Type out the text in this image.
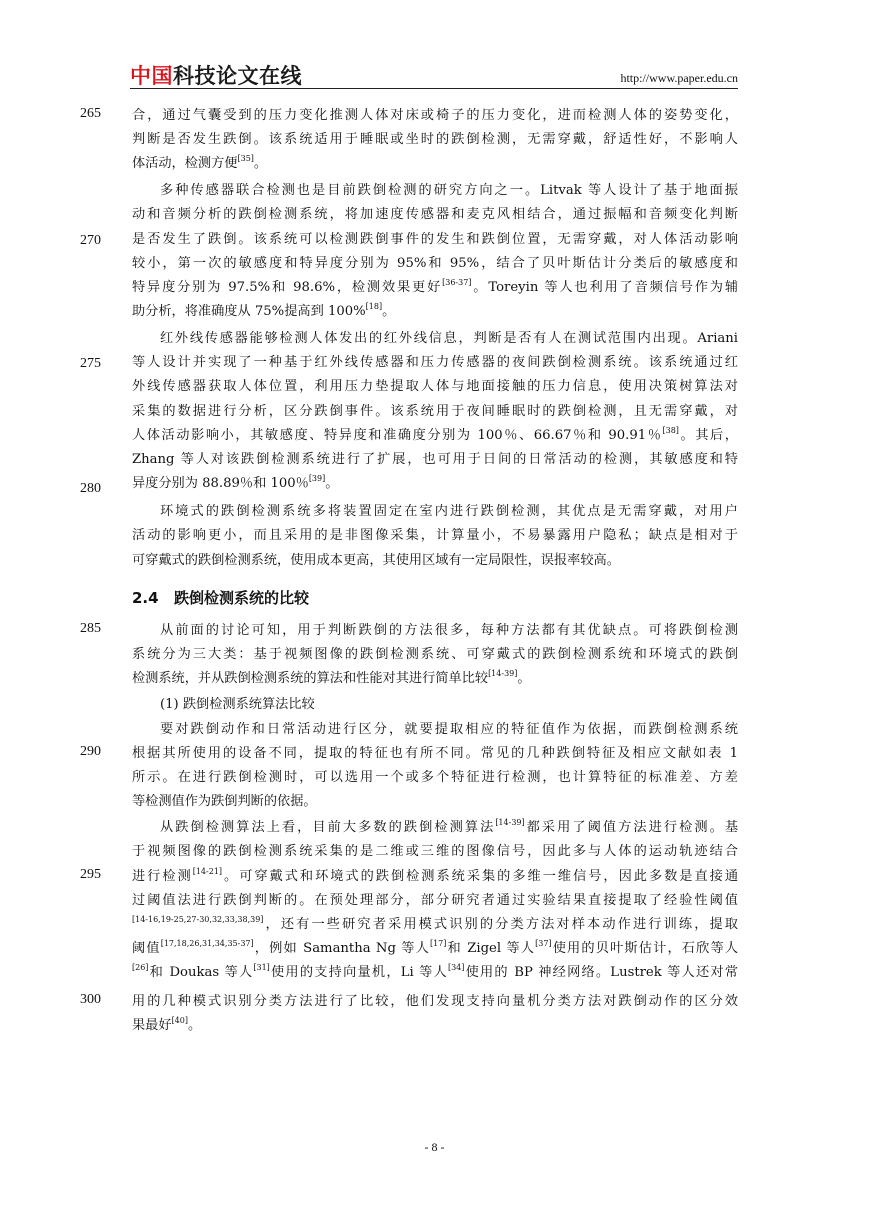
中国科技论文在线	http://www.paper.edu.cn
265
270
275
280
285
290
295
300
合，通过气囊受到的压力变化推测人体对床或椅子的压力变化，进而检测人体的姿势变化，
判断是否发生跌倒。该系统适用于睡眠或坐时的跌倒检测，无需穿戴，舒适性好，不影响人
体活动，检测方便[35]。
多种传感器联合检测也是目前跌倒检测的研究方向之一。Litvak 等人设计了基于地面振
动和音频分析的跌倒检测系统，将加速度传感器和麦克风相结合，通过振幅和音频变化判断
是否发生了跌倒。该系统可以检测跌倒事件的发生和跌倒位置，无需穿戴，对人体活动影响
较小，第一次的敏感度和特异度分别为 95%和 95%，结合了贝叶斯估计分类后的敏感度和
特异度分别为 97.5%和 98.6%，检测效果更好[36-37]。Toreyin 等人也利用了音频信号作为辅
助分析，将准确度从 75%提高到 100%[18]。
红外线传感器能够检测人体发出的红外线信息，判断是否有人在测试范围内出现。Ariani
等人设计并实现了一种基于红外线传感器和压力传感器的夜间跌倒检测系统。该系统通过红
外线传感器获取人体位置，利用压力垫提取人体与地面接触的压力信息，使用决策树算法对
采集的数据进行分析，区分跌倒事件。该系统用于夜间睡眠时的跌倒检测，且无需穿戴，对
人体活动影响小，其敏感度、特异度和准确度分别为 100％、66.67％和 90.91％[38]。其后，
Zhang 等人对该跌倒检测系统进行了扩展，也可用于日间的日常活动的检测，其敏感度和特
异度分别为 88.89％和 100％[39]。
环境式的跌倒检测系统多将装置固定在室内进行跌倒检测，其优点是无需穿戴，对用户
活动的影响更小，而且采用的是非图像采集，计算量小，不易暴露用户隐私；缺点是相对于
可穿戴式的跌倒检测系统，使用成本更高，其使用区域有一定局限性，误报率较高。
从前面的讨论可知，用于判断跌倒的方法很多，每种方法都有其优缺点。可将跌倒检测
系统分为三大类：基于视频图像的跌倒检测系统、可穿戴式的跌倒检测系统和环境式的跌倒
检测系统，并从跌倒检测系统的算法和性能对其进行简单比较[14-39]。
(1) 跌倒检测系统算法比较
要对跌倒动作和日常活动进行区分，就要提取相应的特征值作为依据，而跌倒检测系统
根据其所使用的设备不同，提取的特征也有所不同。常见的几种跌倒特征及相应文献如表 1
所示。在进行跌倒检测时，可以选用一个或多个特征进行检测，也计算特征的标准差、方差
等检测值作为跌倒判断的依据。
从跌倒检测算法上看，目前大多数的跌倒检测算法[14-39]都采用了阈值方法进行检测。基
于视频图像的跌倒检测系统采集的是二维或三维的图像信号，因此多与人体的运动轨迹结合
进行检测[14-21]。可穿戴式和环境式的跌倒检测系统采集的多维一维信号，因此多数是直接通
过阈值法进行跌倒判断的。在预处理部分，部分研究者通过实验结果直接提取了经验性阈值
[14-16,19-25,27-30,32,33,38,39]，还有一些研究者采用模式识别的分类方法对样本动作进行训练，提取
阈值[17,18,26,31,34,35-37]，例如 Samantha Ng 等人[17]和 Zigel 等人[37]使用的贝叶斯估计，石欣等人
[26]和 Doukas 等人[31]使用的支持向量机，Li 等人[34]使用的 BP 神经网络。Lustrek 等人还对常
用的几种模式识别分类方法进行了比较，他们发现支持向量机分类方法对跌倒动作的区分效
果最好[40]。
2.4 跌倒检测系统的比较
- 8 -
